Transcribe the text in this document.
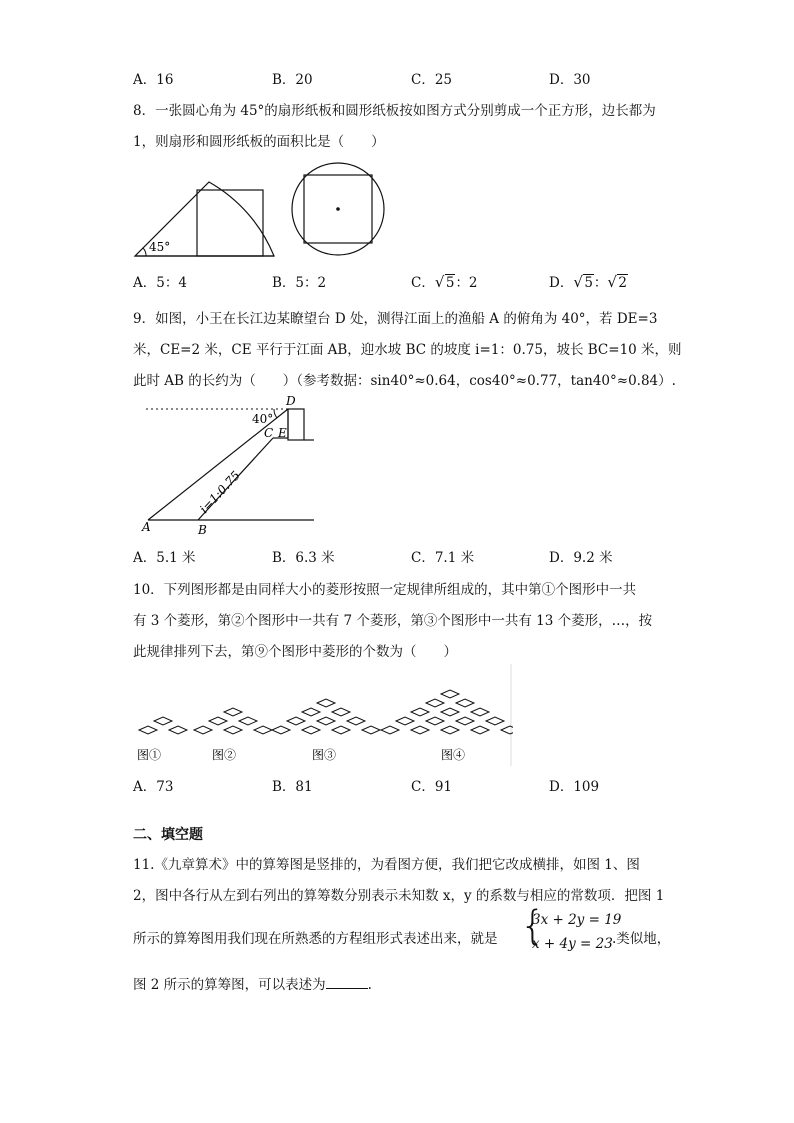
A．16	B．20	C．25	D．30
8．一张圆心角为 45°的扇形纸板和圆形纸板按如图方式分别剪成一个正方形，边长都为
1，则扇形和圆形纸板的面积比是（　　）
45°
A．5：4	B．5：2	C． √ 5：2	D． √ 5： √ 2
9．如图，小王在长江边某瞭望台 D 处，测得江面上的渔船 A 的俯角为 40°，若 DE=3
米，CE=2 米，CE 平行于江面 AB，迎水坡 BC 的坡度 i=1：0.75，坡长 BC=10 米，则
此时 AB 的长约为（　　）（参考数据：sin40°≈0.64，cos40°≈0.77，tan40°≈0.84）.
D
40°
C E
A	B
i=1:0.75
A．5.1 米	B．6.3 米	C．7.1 米	D．9.2 米
10．下列图形都是由同样大小的菱形按照一定规律所组成的，其中第①个图形中一共
有 3 个菱形，第②个图形中一共有 7 个菱形，第③个图形中一共有 13 个菱形，…，按
此规律排列下去，第⑨个图形中菱形的个数为（　　）
图①	图②	图③	图④
A．73	B．81	C．91	D．109
二、填空题
11.《九章算术》中的算筹图是竖排的，为看图方便，我们把它改成横排，如图 1、图
2，图中各行从左到右列出的算筹数分别表示未知数 x，y 的系数与相应的常数项．把图 1
所示的算筹图用我们现在所熟悉的方程组形式表述出来，就是 {
3x + 2y = 19
x + 4y = 23 .类似地，
图 2 所示的算筹图，可以表述为	.
